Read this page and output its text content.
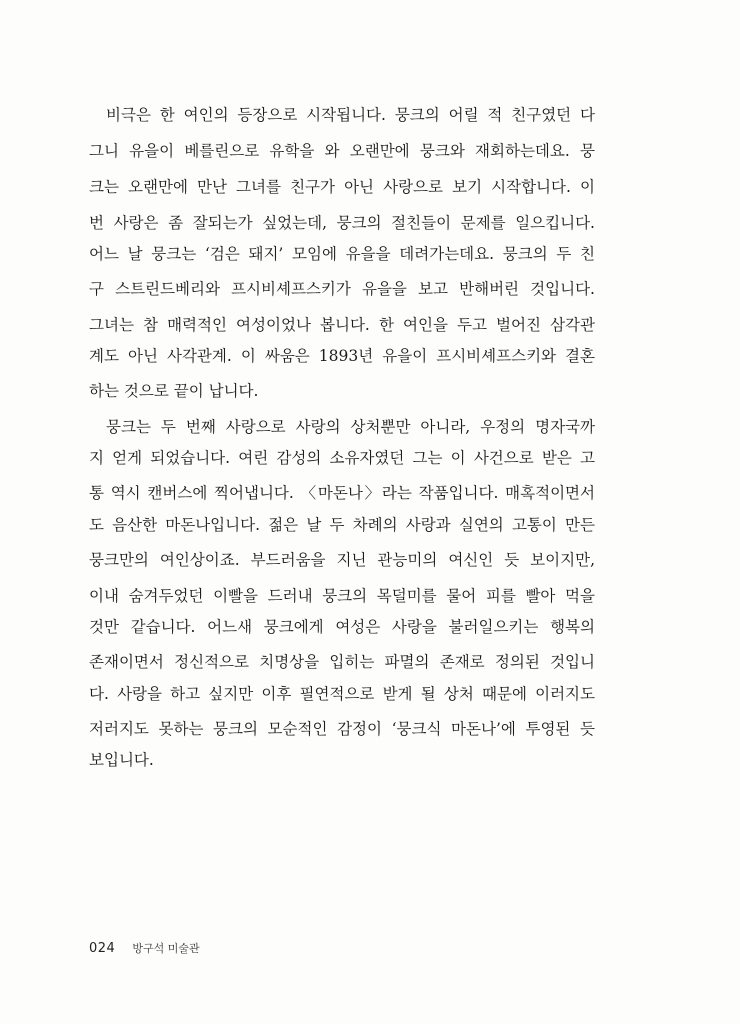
비극은 한 여인의 등장으로 시작됩니다. 뭉크의 어릴 적 친구였던 다
그니 유을이 베를린으로 유학을 와 오랜만에 뭉크와 재회하는데요. 뭉
크는 오랜만에 만난 그녀를 친구가 아닌 사랑으로 보기 시작합니다. 이
번 사랑은 좀 잘되는가 싶었는데, 뭉크의 절친들이 문제를 일으킵니다.
어느 날 뭉크는 ‘검은 돼지’ 모임에 유을을 데려가는데요. 뭉크의 두 친
구 스트린드베리와 프시비셰프스키가 유을을 보고 반해버린 것입니다.
그녀는 참 매력적인 여성이었나 봅니다. 한 여인을 두고 벌어진 삼각관
계도 아닌 사각관계. 이 싸움은 1893년 유을이 프시비셰프스키와 결혼
하는 것으로 끝이 납니다.
뭉크는 두 번째 사랑으로 사랑의 상처뿐만 아니라, 우정의 명자국까
지 얻게 되었습니다. 여린 감성의 소유자였던 그는 이 사건으로 받은 고
통 역시 캔버스에 찍어냅니다. 〈마돈나〉라는 작품입니다. 매혹적이면서
도 음산한 마돈나입니다. 젊은 날 두 차례의 사랑과 실연의 고통이 만든
뭉크만의 여인상이죠. 부드러움을 지닌 관능미의 여신인 듯 보이지만,
이내 숨겨두었던 이빨을 드러내 뭉크의 목덜미를 물어 피를 빨아 먹을
것만 같습니다. 어느새 뭉크에게 여성은 사랑을 불러일으키는 행복의
존재이면서 정신적으로 치명상을 입히는 파멸의 존재로 정의된 것입니
다. 사랑을 하고 싶지만 이후 필연적으로 받게 될 상처 때문에 이러지도
저러지도 못하는 뭉크의 모순적인 감정이 ‘뭉크식 마돈나’에 투영된 듯
보입니다.
024 방구석 미술관
